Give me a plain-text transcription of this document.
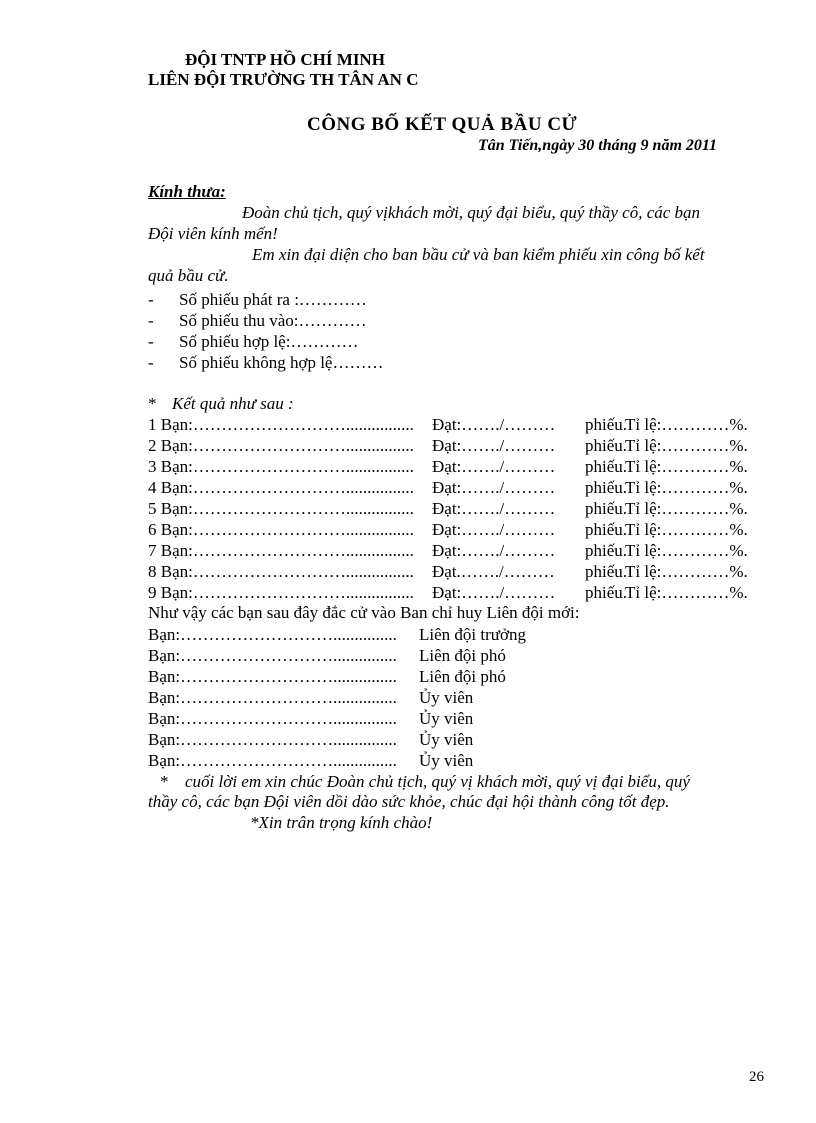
ĐỘI TNTP HỒ CHÍ MINH
LIÊN ĐỘI TRƯỜNG TH TÂN AN C
CÔNG BỐ KẾT QUẢ BẦU CỬ
Tân Tiến,ngày 30 tháng 9 năm 2011
Kính thưa:
Đoàn chủ tịch, quý vịkhách mời, quý đại biểu, quý thầy cô, các bạn
Đội viên kính mến!
Em xin đại diện cho ban bầu cử và ban kiểm phiếu xin công bố kết
quả bầu cử.
- Số phiếu phát ra :…………
- Số phiếu thu vào:…………
- Số phiếu hợp lệ:…………
- Số phiếu không hợp lệ………
* Kết quả như sau :
1 Bạn:………………………................ Đạt:……./……… phiếu.
Tỉ lệ:…………%.
2 Bạn:………………………................ Đạt:……./……… phiếu.
Tỉ lệ:…………%.
3 Bạn:………………………................ Đạt:……./……… phiếu.
Tỉ lệ:…………%.
4 Bạn:………………………................ Đạt:……./……… phiếu.
Tỉ lệ:…………%.
5 Bạn:………………………................ Đạt:……./……… phiếu.
Tỉ lệ:…………%.
6 Bạn:………………………................ Đạt:……./……… phiếu.
Tỉ lệ:…………%.
7 Bạn:………………………................ Đạt:……./……… phiếu.
Tỉ lệ:…………%.
8 Bạn:………………………................ Đạt.……./……… phiếu.
Tỉ lệ:…………%.
9 Bạn:………………………................ Đạt:……./……… phiếu.
Tỉ lệ:…………%.
Như vậy các bạn sau đây đắc cử vào Ban chỉ huy Liên đội mới:
Bạn:………………………............... Liên đội trưởng
Bạn:………………………............... Liên đội phó
Bạn:………………………............... Liên đội phó
Bạn:………………………............... Ủy viên
Bạn:………………………............... Ủy viên
Bạn:………………………............... Ủy viên
Bạn:………………………............... Ủy viên
* cuối lời em xin chúc Đoàn chủ tịch, quý vị khách mời, quý vị đại biểu, quý
thầy cô, các bạn Đội viên dồi dào sức khỏe, chúc đại hội thành công tốt đẹp.
*Xin trân trọng kính chào!
26
